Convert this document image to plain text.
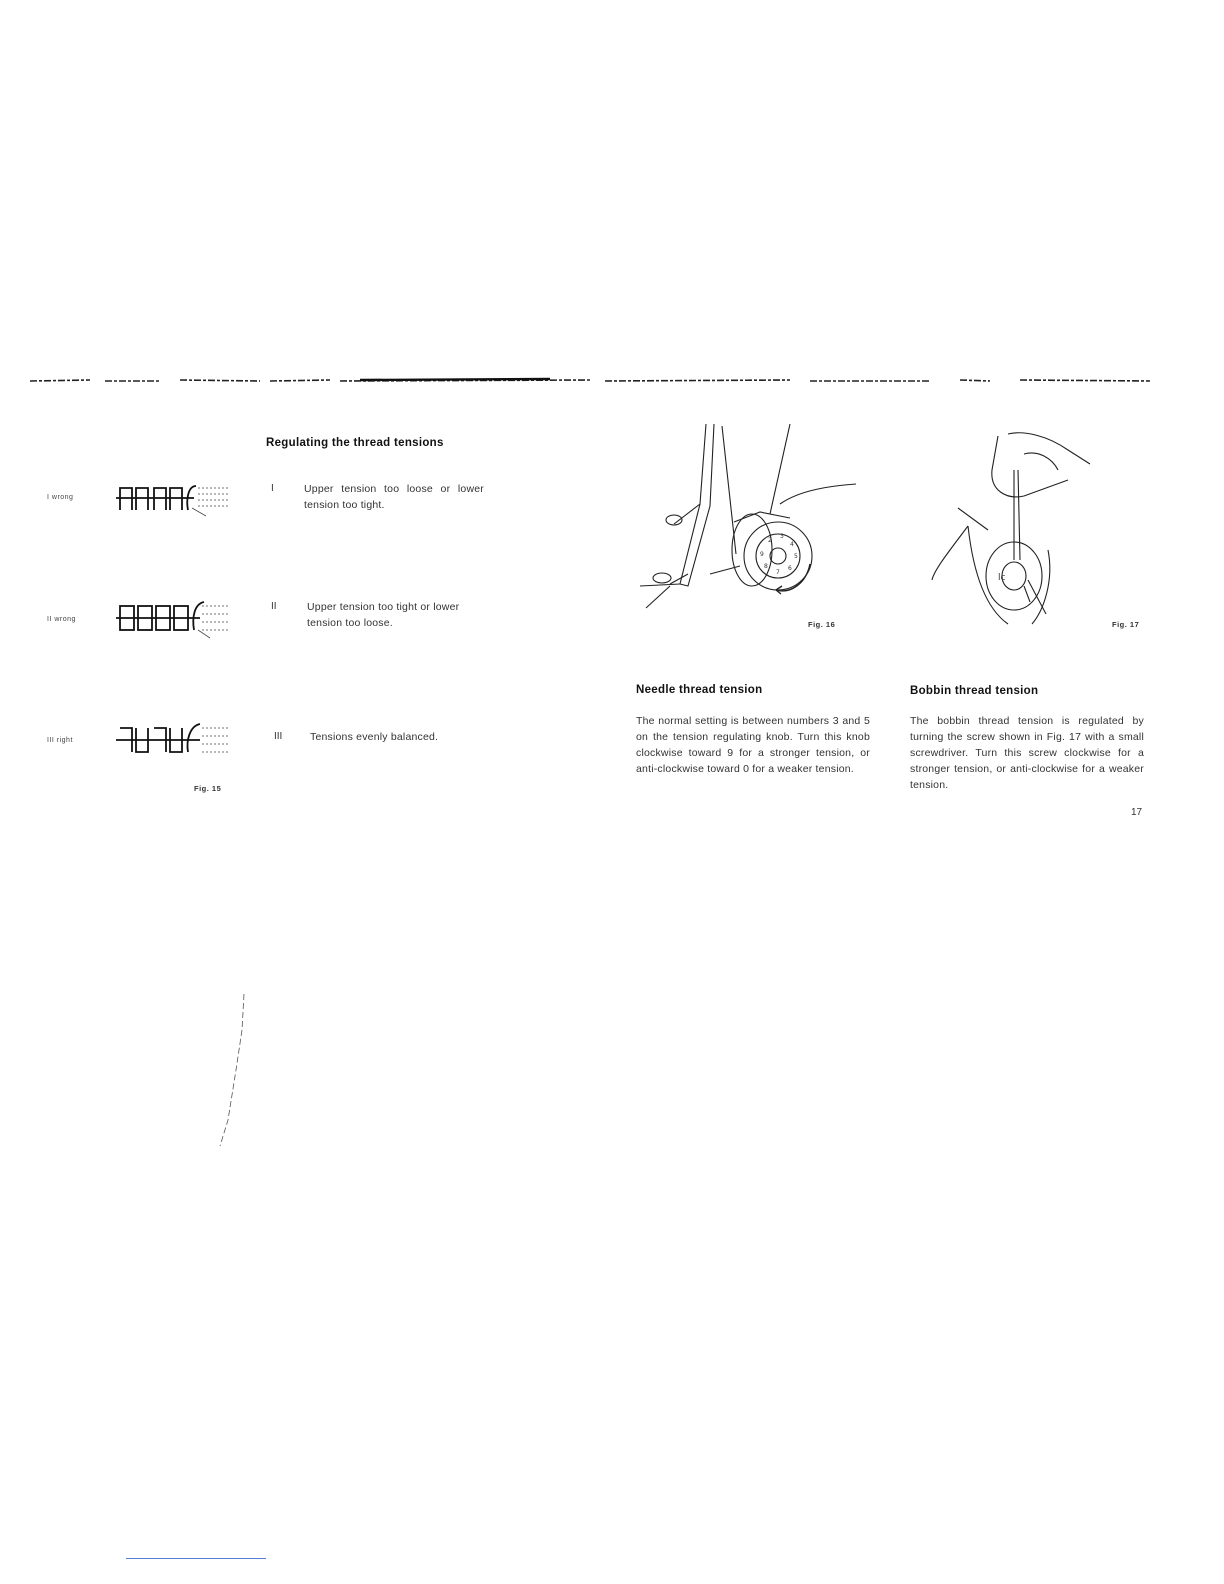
Regulating the thread tensions
I wrong
I	Upper tension too loose or lower tension too tight.
II wrong
II	Upper tension too tight or lower tension too loose.
III right	III	Tensions evenly balanced.
Fig. 15
2
3
4
5
6
7
8
9
Fig. 16
Needle thread tension
The normal setting is between numbers 3 and 5 on the tension regulating knob. Turn this knob clockwise toward 9 for a stronger tension, or anti-clockwise toward 0 for a weaker tension.
lc
Fig. 17
Bobbin thread tension
The bobbin thread tension is regulated by turning the screw shown in Fig. 17 with a small screwdriver. Turn this screw clockwise for a stronger tension, or anti-clockwise for a weaker tension.
17
